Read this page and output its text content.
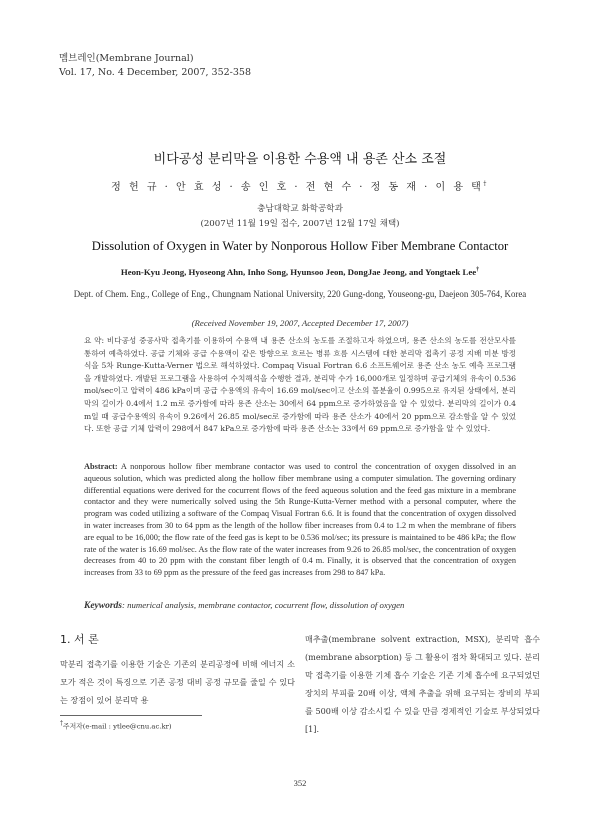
멤브레인(Membrane Journal)
Vol. 17, No. 4 December, 2007, 352-358
비다공성 분리막을 이용한 수용액 내 용존 산소 조절
정 헌 규 · 안 효 성 · 송 인 호 · 전 현 수 · 정 동 재 · 이 용 택†
충남대학교 화학공학과
(2007년 11월 19일 접수, 2007년 12월 17일 채택)
Dissolution of Oxygen in Water by Nonporous Hollow Fiber Membrane Contactor
Heon-Kyu Jeong, Hyoseong Ahn, Inho Song, Hyunsoo Jeon, DongJae Jeong, and Yongtaek Lee†
Dept. of Chem. Eng., College of Eng., Chungnam National University, 220 Gung-dong, Youseong-gu, Daejeon 305-764, Korea
(Received November 19, 2007, Accepted December 17, 2007)
요 약: 비다공성 중공사막 접촉기를 이용하여 수용액 내 용존 산소의 농도를 조절하고자 하였으며, 용존 산소의 농도를 전산모사를 통하여 예측하였다. 공급 기체와 공급 수용액이 같은 방향으로 흐르는 병류 흐름 시스템에 대한 분리막 접촉기 공정 지배 미분 방정식을 5차 Runge-Kutta-Verner 법으로 해석하였다. Compaq Visual Fortran 6.6 소프트웨어로 용존 산소 농도 예측 프로그램을 개발하였다. 개발된 프로그램을 사용하여 수치해석을 수행한 결과, 분리막 수가 16,000개로 일정하며 공급기체의 유속이 0.536 mol/sec이고 압력이 486 kPa이며 공급 수용액의 유속이 16.69 mol/sec이고 산소의 몰분율이 0.995으로 유지된 상태에서, 분리막의 길이가 0.4에서 1.2 m로 증가함에 따라 용존 산소는 30에서 64 ppm으로 증가하였음을 알 수 있었다. 분리막의 길이가 0.4 m일 때 공급수용액의 유속이 9.26에서 26.85 mol/sec로 증가함에 따라 용존 산소가 40에서 20 ppm으로 감소함을 알 수 있었다. 또한 공급 기체 압력이 298에서 847 kPa으로 증가함에 따라 용존 산소는 33에서 69 ppm으로 증가함을 알 수 있었다.
Abstract: A nonporous hollow fiber membrane contactor was used to control the concentration of oxygen dissolved in an aqueous solution, which was predicted along the hollow fiber membrane using a computer simulation. The governing ordinary differential equations were derived for the cocurrent flows of the feed aqueous solution and the feed gas mixture in a membrane contactor and they were numerically solved using the 5th Runge-Kutta-Verner method with a personal computer, where the program was coded utilizing a software of the Compaq Visual Fortran 6.6. It is found that the concentration of oxygen dissolved in water increases from 30 to 64 ppm as the length of the hollow fiber increases from 0.4 to 1.2 m when the membrane of fibers are equal to be 16,000; the flow rate of the feed gas is kept to be 0.536 mol/sec; its pressure is maintained to be 486 kPa; the flow rate of the water is 16.69 mol/sec. As the flow rate of the water increases from 9.26 to 26.85 mol/sec, the concentration of oxygen decreases from 40 to 20 ppm with the constant fiber length of 0.4 m. Finally, it is observed that the concentration of oxygen increases from 33 to 69 ppm as the pressure of the feed gas increases from 298 to 847 kPa.
Keywords: numerical analysis, membrane contactor, cocurrent flow, dissolution of oxygen
1. 서 론
막분리 접촉기를 이용한 기술은 기존의 분리공정에 비해 에너지 소모가 적은 것이 특징으로 기존 공정 대비 공정 규모를 줄일 수 있다는 장점이 있어 분리막 용
매추출(membrane solvent extraction, MSX), 분리막 흡수(membrane absorption) 등 그 활용이 점차 확대되고 있다. 분리막 접촉기를 이용한 기체 흡수 기술은 기존 기체 흡수에 요구되었던 장치의 부피를 20배 이상, 액체 추출을 위해 요구되는 장비의 부피를 500배 이상 감소시킬 수 있을 만큼 경제적인 기술로 부상되었다[1].
†주저자(e-mail : ytlee@cnu.ac.kr)
352
